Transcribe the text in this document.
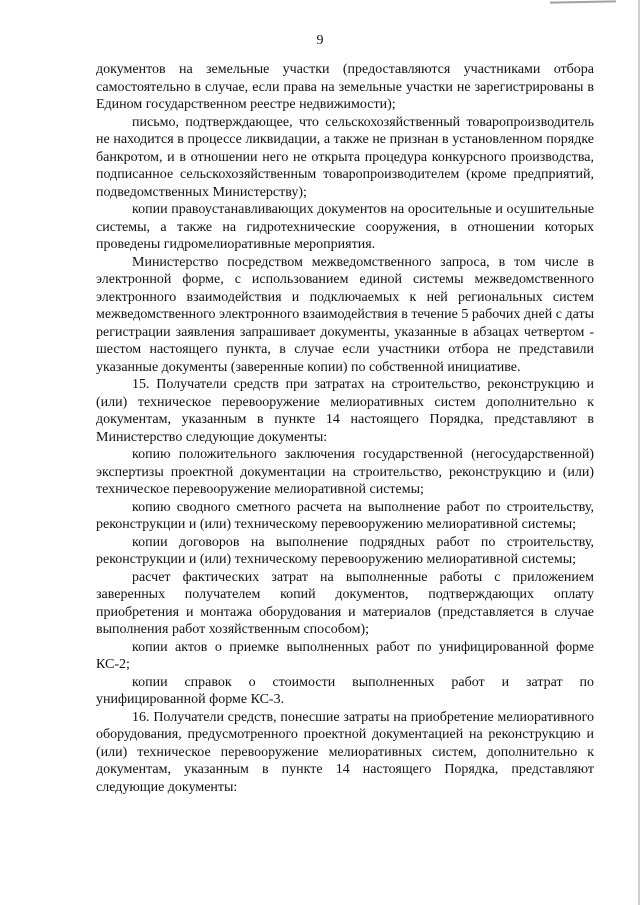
9

документов на земельные участки (предоставляются участниками отбора самостоятельно в случае, если права на земельные участки не зарегистрированы в Едином государственном реестре недвижимости);

письмо, подтверждающее, что сельскохозяйственный товаропроизводитель не находится в процессе ликвидации, а также не признан в установленном порядке банкротом, и в отношении него не открыта процедура конкурсного производства, подписанное сельскохозяйственным товаропроизводителем (кроме предприятий, подведомственных Министерству);

копии правоустанавливающих документов на оросительные и осушительные системы, а также на гидротехнические сооружения, в отношении которых проведены гидромелиоративные мероприятия.

Министерство посредством межведомственного запроса, в том числе в электронной форме, с использованием единой системы межведомственного электронного взаимодействия и подключаемых к ней региональных систем межведомственного электронного взаимодействия в течение 5 рабочих дней с даты регистрации заявления запрашивает документы, указанные в абзацах четвертом - шестом настоящего пункта, в случае если участники отбора не представили указанные документы (заверенные копии) по собственной инициативе.

15. Получатели средств при затратах на строительство, реконструкцию и (или) техническое перевооружение мелиоративных систем дополнительно к документам, указанным в пункте 14 настоящего Порядка, представляют в Министерство следующие документы:

копию положительного заключения государственной (негосударственной) экспертизы проектной документации на строительство, реконструкцию и (или) техническое перевооружение мелиоративной системы;

копию сводного сметного расчета на выполнение работ по строительству, реконструкции и (или) техническому перевооружению мелиоративной системы;

копии договоров на выполнение подрядных работ по строительству, реконструкции и (или) техническому перевооружению мелиоративной системы;

расчет фактических затрат на выполненные работы с приложением заверенных получателем копий документов, подтверждающих оплату приобретения и монтажа оборудования и материалов (представляется в случае выполнения работ хозяйственным способом);

копии актов о приемке выполненных работ по унифицированной форме КС-2;

копии справок о стоимости выполненных работ и затрат по унифицированной форме КС-3.

16. Получатели средств, понесшие затраты на приобретение мелиоративного оборудования, предусмотренного проектной документацией на реконструкцию и (или) техническое перевооружение мелиоративных систем, дополнительно к документам, указанным в пункте 14 настоящего Порядка, представляют следующие документы:
